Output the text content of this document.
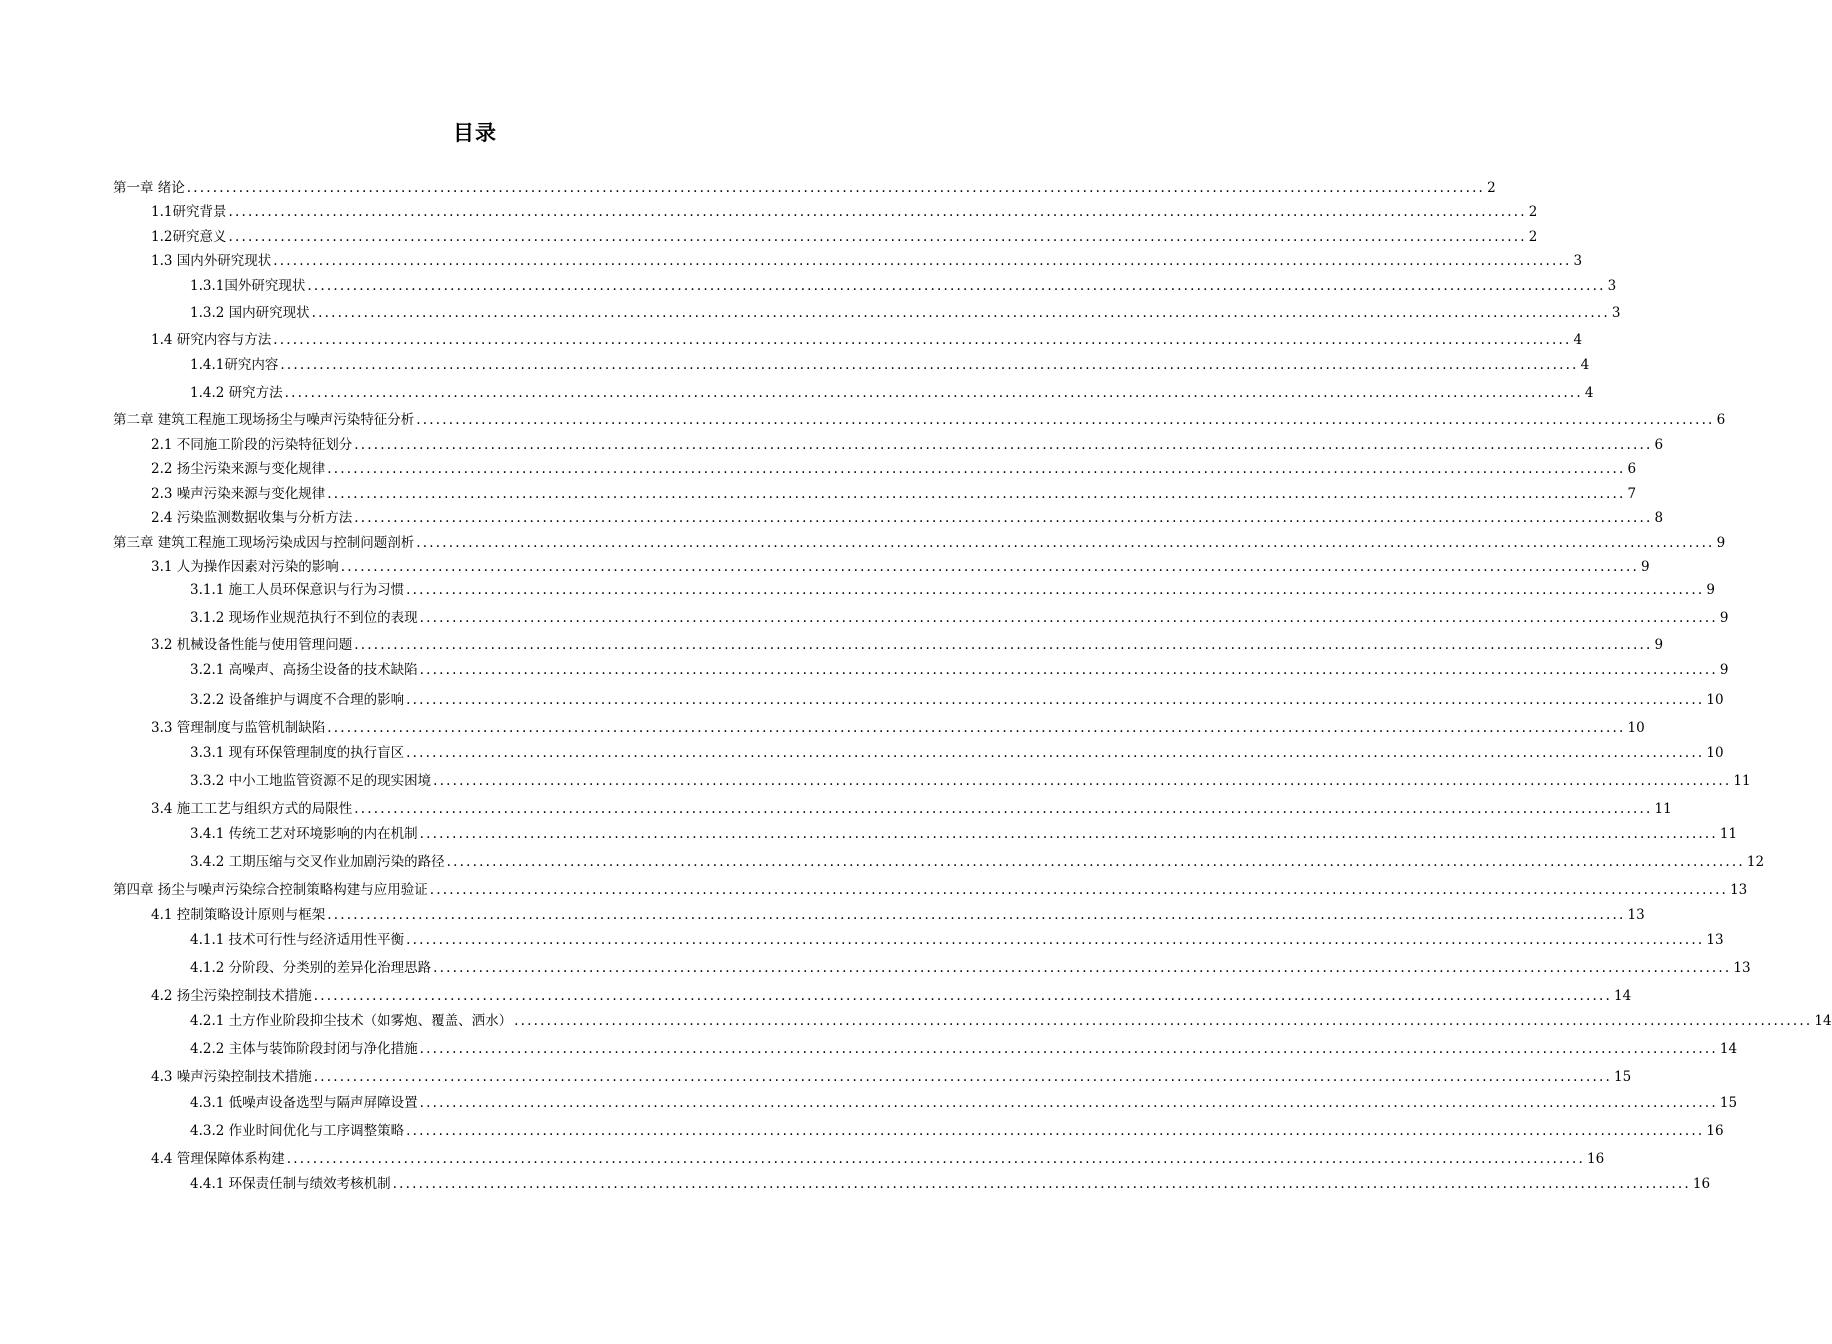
目录
第一章 绪论 ........................................................................................................................................................................................................ 2
1.1研究背景 ........................................................................................................................................................................................................ 2
1.2研究意义 ........................................................................................................................................................................................................ 2
1.3 国内外研究现状 ........................................................................................................................................................................................................ 3
1.3.1国外研究现状 ........................................................................................................................................................................................................ 3
1.3.2 国内研究现状 ........................................................................................................................................................................................................ 3
1.4 研究内容与方法 ........................................................................................................................................................................................................ 4
1.4.1研究内容 ........................................................................................................................................................................................................ 4
1.4.2 研究方法 ........................................................................................................................................................................................................ 4
第二章 建筑工程施工现场扬尘与噪声污染特征分析 ........................................................................................................................................................................................................ 6
2.1 不同施工阶段的污染特征划分 ........................................................................................................................................................................................................ 6
2.2 扬尘污染来源与变化规律 ........................................................................................................................................................................................................ 6
2.3 噪声污染来源与变化规律 ........................................................................................................................................................................................................ 7
2.4 污染监测数据收集与分析方法 ........................................................................................................................................................................................................ 8
第三章 建筑工程施工现场污染成因与控制问题剖析 ........................................................................................................................................................................................................ 9
3.1 人为操作因素对污染的影响 ........................................................................................................................................................................................................ 9
3.1.1 施工人员环保意识与行为习惯 ........................................................................................................................................................................................................ 9
3.1.2 现场作业规范执行不到位的表现 ........................................................................................................................................................................................................ 9
3.2 机械设备性能与使用管理问题 ........................................................................................................................................................................................................ 9
3.2.1 高噪声、高扬尘设备的技术缺陷 ........................................................................................................................................................................................................ 9
3.2.2 设备维护与调度不合理的影响 ........................................................................................................................................................................................................ 10
3.3 管理制度与监管机制缺陷 ........................................................................................................................................................................................................ 10
3.3.1 现有环保管理制度的执行盲区 ........................................................................................................................................................................................................ 10
3.3.2 中小工地监管资源不足的现实困境 ........................................................................................................................................................................................................ 11
3.4 施工工艺与组织方式的局限性 ........................................................................................................................................................................................................ 11
3.4.1 传统工艺对环境影响的内在机制 ........................................................................................................................................................................................................ 11
3.4.2 工期压缩与交叉作业加剧污染的路径 ........................................................................................................................................................................................................ 12
第四章 扬尘与噪声污染综合控制策略构建与应用验证 ........................................................................................................................................................................................................ 13
4.1 控制策略设计原则与框架 ........................................................................................................................................................................................................ 13
4.1.1 技术可行性与经济适用性平衡 ........................................................................................................................................................................................................ 13
4.1.2 分阶段、分类别的差异化治理思路 ........................................................................................................................................................................................................ 13
4.2 扬尘污染控制技术措施 ........................................................................................................................................................................................................ 14
4.2.1 土方作业阶段抑尘技术（如雾炮、覆盖、洒水） ........................................................................................................................................................................................................ 14
4.2.2 主体与装饰阶段封闭与净化措施 ........................................................................................................................................................................................................ 14
4.3 噪声污染控制技术措施 ........................................................................................................................................................................................................ 15
4.3.1 低噪声设备选型与隔声屏障设置 ........................................................................................................................................................................................................ 15
4.3.2 作业时间优化与工序调整策略 ........................................................................................................................................................................................................ 16
4.4 管理保障体系构建 ........................................................................................................................................................................................................ 16
4.4.1 环保责任制与绩效考核机制 ........................................................................................................................................................................................................ 16
